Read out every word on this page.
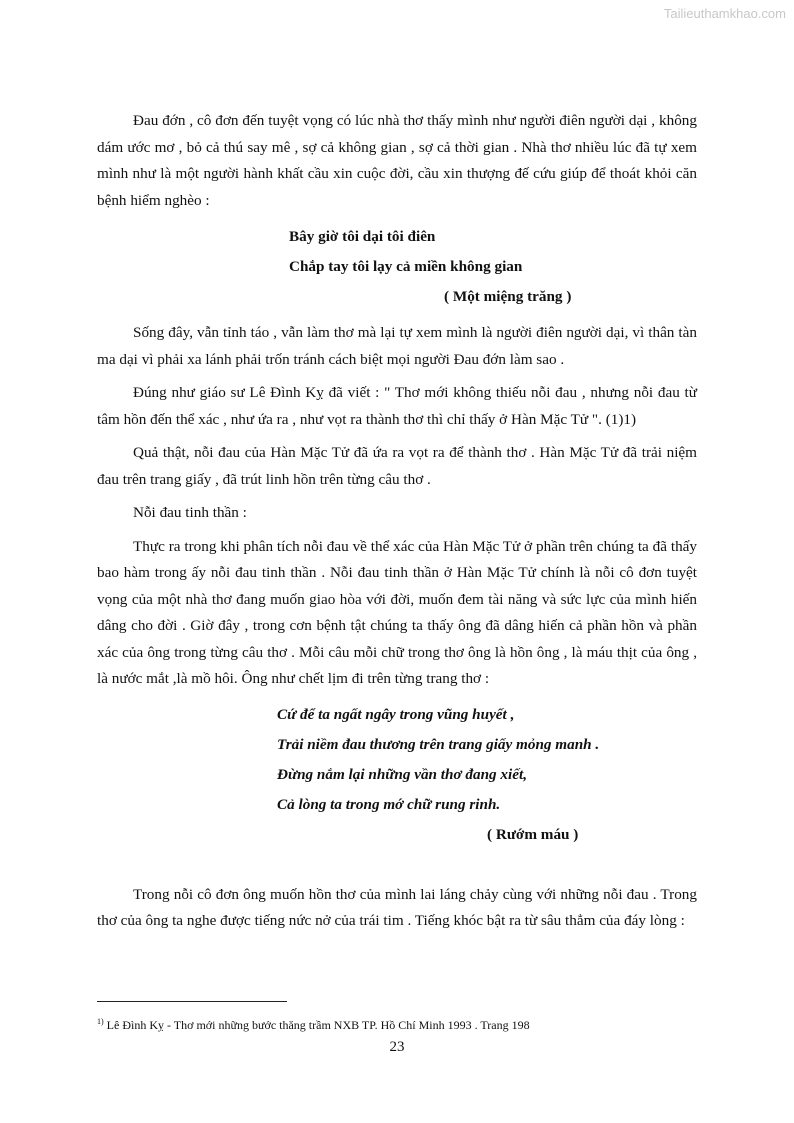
Tailieuthamkhao.com

Đau đớn , cô đơn đến tuyệt vọng có lúc nhà thơ thấy mình như người điên người dại , không dám ước mơ , bỏ cả thú say mê , sợ cả không gian , sợ cả thời gian . Nhà thơ nhiều lúc đã tự xem mình như là một người hành khất cầu xin cuộc đời, cầu xin thượng đế cứu giúp để thoát khỏi căn bệnh hiểm nghèo :

Bây giờ tôi dại tôi điên
Chắp tay tôi lạy cả miền không gian
( Một miệng trăng )

Sống đây, vẫn tỉnh táo , vẫn làm thơ mà lại tự xem mình là người điên người dại, vì thân tàn ma dại vì phải xa lánh phải trốn tránh cách biệt mọi người Đau đớn làm sao .

Đúng như giáo sư Lê Đình Kỵ đã viết : " Thơ mới không thiếu nỗi đau , nhưng nỗi đau từ tâm hồn đến thể xác , như ứa ra , như vọt ra thành thơ thì chỉ thấy ở Hàn Mặc Tử ". (1)1)

Quả thật, nỗi đau của Hàn Mặc Tử đã ứa ra vọt ra để thành thơ . Hàn Mặc Tử đã trải niệm đau trên trang giấy , đã trút linh hồn trên từng câu thơ .

Nỗi đau tinh thần :

Thực ra trong khi phân tích nỗi đau về thể xác của Hàn Mặc Tử ở phần trên chúng ta đã thấy bao hàm trong ấy nỗi đau tinh thần . Nỗi đau tinh thần ở Hàn Mặc Tử chính là nỗi cô đơn tuyệt vọng của một nhà thơ đang muốn giao hòa với đời, muốn đem tài năng và sức lực của mình hiến dâng cho đời . Giờ đây , trong cơn bệnh tật chúng ta thấy ông đã dâng hiến cả phần hồn và phần xác của ông trong từng câu thơ . Mỗi câu mỗi chữ trong thơ ông là hồn ông , là máu thịt của ông , là nước mắt ,là mồ hôi. Ông như chết lịm đi trên từng trang thơ :

Cứ để ta ngất ngây trong vũng huyết ,
Trải niềm đau thương trên trang giấy mỏng manh .
Đừng nắm lại những vần thơ đang xiết,
Cả lòng ta trong mớ chữ rung rinh.
( Rướm máu )

Trong nỗi cô đơn ông muốn hồn thơ của mình lai láng chảy cùng với những nỗi đau . Trong thơ của ông ta nghe được tiếng nức nở của trái tim . Tiếng khóc bật ra từ sâu thẳm của đáy lòng :

$^{1)}$ Lê Đình Kỵ - Thơ mới những bước thăng trầm NXB TP. Hồ Chí Minh 1993 . Trang 198
23
